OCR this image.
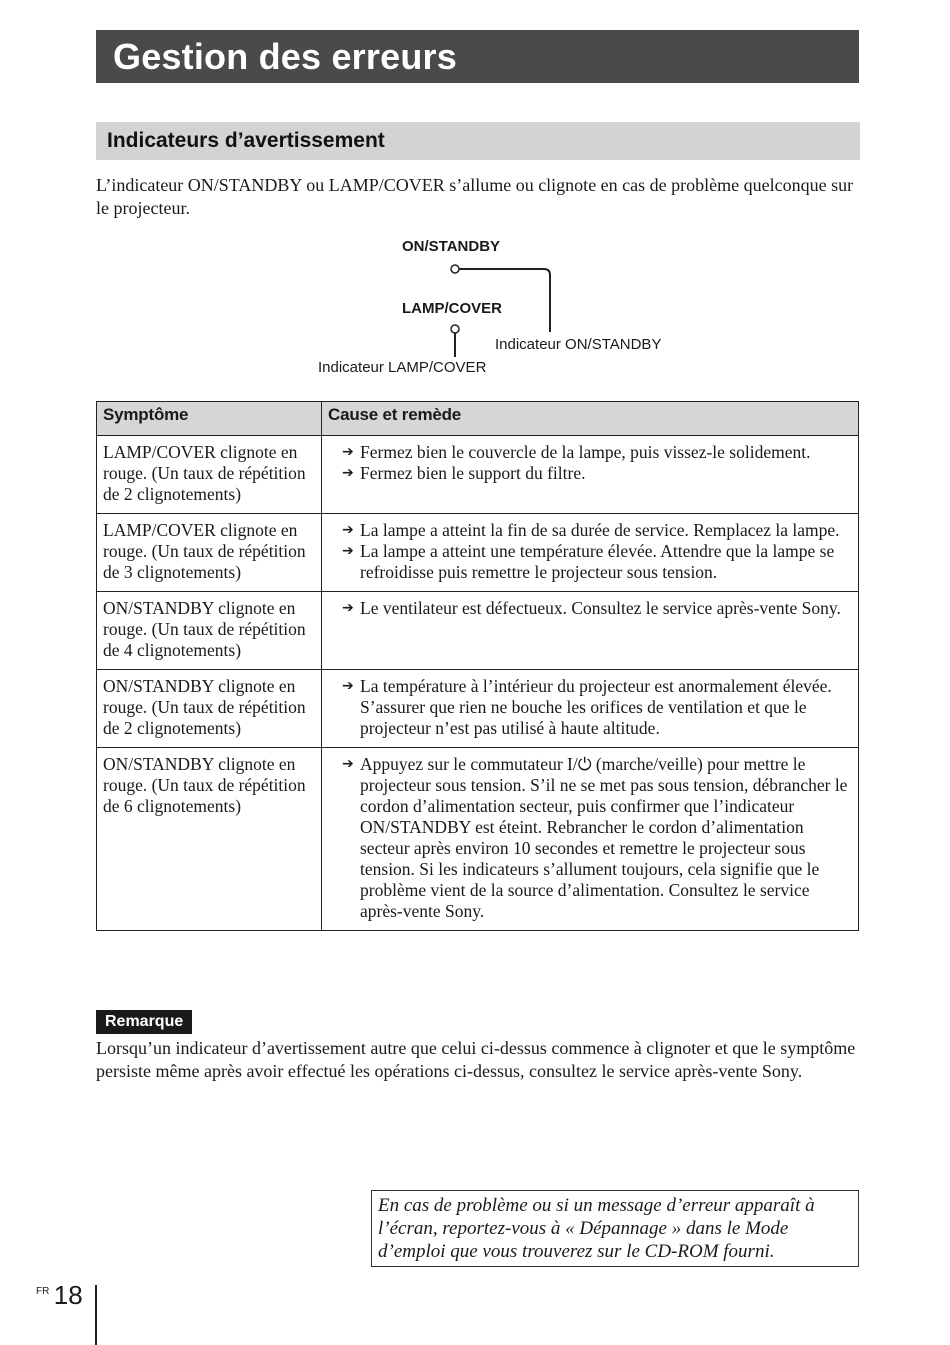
Gestion des erreurs
Indicateurs d’avertissement
L’indicateur ON/STANDBY ou LAMP/COVER s’allume ou clignote en cas de problème quelconque sur le projecteur.
ON/STANDBY
LAMP/COVER
Indicateur ON/STANDBY
Indicateur LAMP/COVER
Symptôme	Cause et remède
LAMP/COVER clignote en rouge. (Un taux de répétition de 2 clignotements)	➔ Fermez bien le couvercle de la lampe, puis vissez-le solidement.

➔ Fermez bien le support du filtre.

LAMP/COVER clignote en rouge. (Un taux de répétition de 3 clignotements)	➔ La lampe a atteint la fin de sa durée de service. Remplacez la lampe.

➔ La lampe a atteint une température élevée. Attendre que la lampe se refroidisse puis remettre le projecteur sous tension.

ON/STANDBY clignote en rouge. (Un taux de répétition de 4 clignotements)	➔ Le ventilateur est défectueux. Consultez le service après-vente Sony.

ON/STANDBY clignote en rouge. (Un taux de répétition de 2 clignotements)	➔ La température à l’intérieur du projecteur est anormalement élevée. S’assurer que rien ne bouche les orifices de ventilation et que le projecteur n’est pas utilisé à haute altitude.

ON/STANDBY clignote en rouge. (Un taux de répétition de 6 clignotements)	➔ Appuyez sur le commutateur I/⏻ (marche/veille) pour mettre le projecteur sous tension. S’il ne se met pas sous tension, débrancher le cordon d’alimentation secteur, puis confirmer que l’indicateur ON/STANDBY est éteint. Rebrancher le cordon d’alimentation secteur après environ 10 secondes et remettre le projecteur sous tension. Si les indicateurs s’allument toujours, cela signifie que le problème vient de la source d’alimentation. Consultez le service après-vente Sony.

Remarque
Lorsqu’un indicateur d’avertissement autre que celui ci-dessus commence à clignoter et que le symptôme persiste même après avoir effectué les opérations ci-dessus, consultez le service après-vente Sony.
En cas de problème ou si un message d’erreur apparaît à l’écran, reportez-vous à « Dépannage » dans le Mode d’emploi que vous trouverez sur le CD-ROM fourni.
$^{FR}$ 18
